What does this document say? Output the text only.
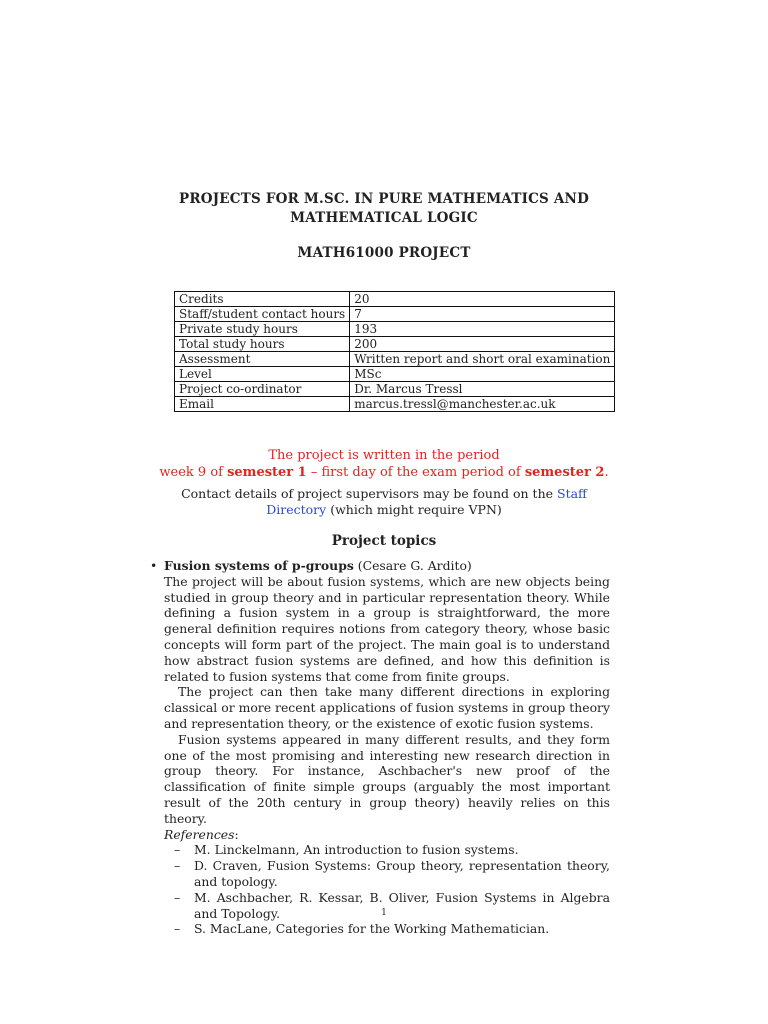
PROJECTS FOR M.SC. IN PURE MATHEMATICS AND
MATHEMATICAL LOGIC
MATH61000 PROJECT
Credits	20
Staff/student contact hours	7
Private study hours	193
Total study hours	200
Assessment	Written report and short oral examination
Level	MSc
Project co-ordinator	Dr. Marcus Tressl
Email	marcus.tressl@manchester.ac.uk
The project is written in the period
week 9 of semester 1 – first day of the exam period of semester 2.
Contact details of project supervisors may be found on the Staff Directory (which might require VPN)
Project topics
• Fusion systems of p-groups (Cesare G. Ardito)

The project will be about fusion systems, which are new objects being studied in group theory and in particular representation theory. While defining a fusion system in a group is straightforward, the more general definition requires notions from category theory, whose basic concepts will form part of the project. The main goal is to understand how abstract fusion systems are defined, and how this definition is related to fusion systems that come from finite groups.

The project can then take many different directions in exploring classical or more recent applications of fusion systems in group theory and representation theory, or the existence of exotic fusion systems.

Fusion systems appeared in many different results, and they form one of the most promising and interesting new research direction in group theory. For instance, Aschbacher's new proof of the classification of finite simple groups (arguably the most important result of the 20th century in group theory) heavily relies on this theory.

References:
– M. Linckelmann, An introduction to fusion systems.
– D. Craven, Fusion Systems: Group theory, representation theory, and topology.
– M. Aschbacher, R. Kessar, B. Oliver, Fusion Systems in Algebra and Topology.
– S. MacLane, Categories for the Working Mathematician.
1
